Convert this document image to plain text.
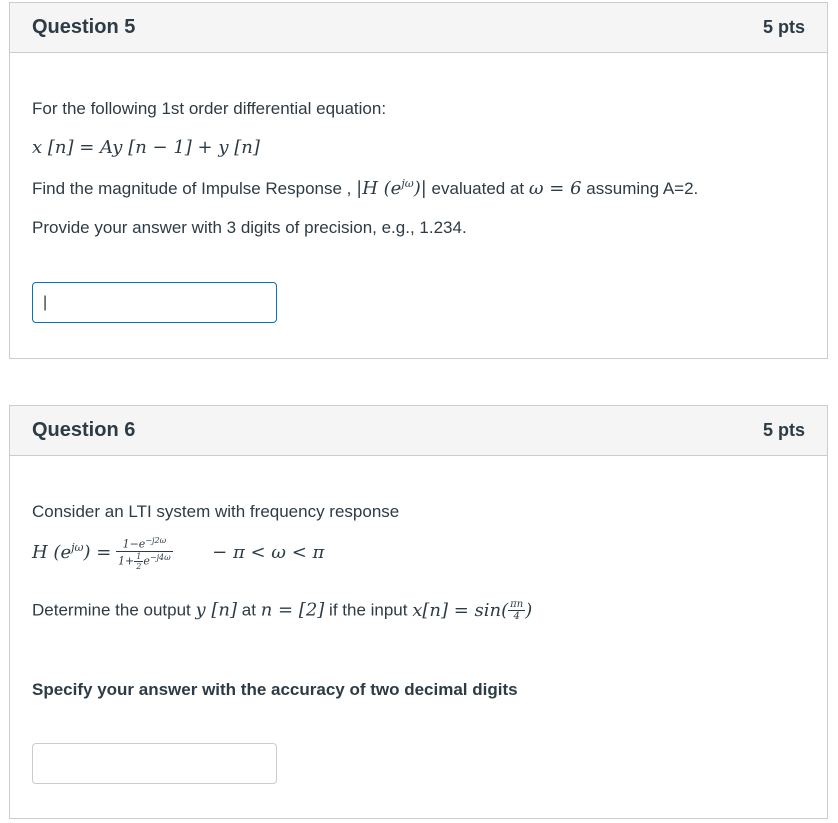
Question 5	5 pts
For the following 1st order differential equation:
x [n] = Ay [n − 1] + y [n]
Find the magnitude of Impulse Response , |H $(e^{j\omega})|$ evaluated at ω = 6 assuming A=2.
Provide your answer with 3 digits of precision, e.g., 1.234.
|
Question 6	5 pts
Consider an LTI system with frequency response
H $(e^{j\omega}) = \frac{1-e^{-j2\omega}}{1+ \frac{1}{2}e^{-j4\omega}} - \pi < \omega < \pi$
Determine the output y [n] at n = [2] if the input $x[n] = \sin( \frac{\pi n}{4}$ )
Specify your answer with the accuracy of two decimal digits
